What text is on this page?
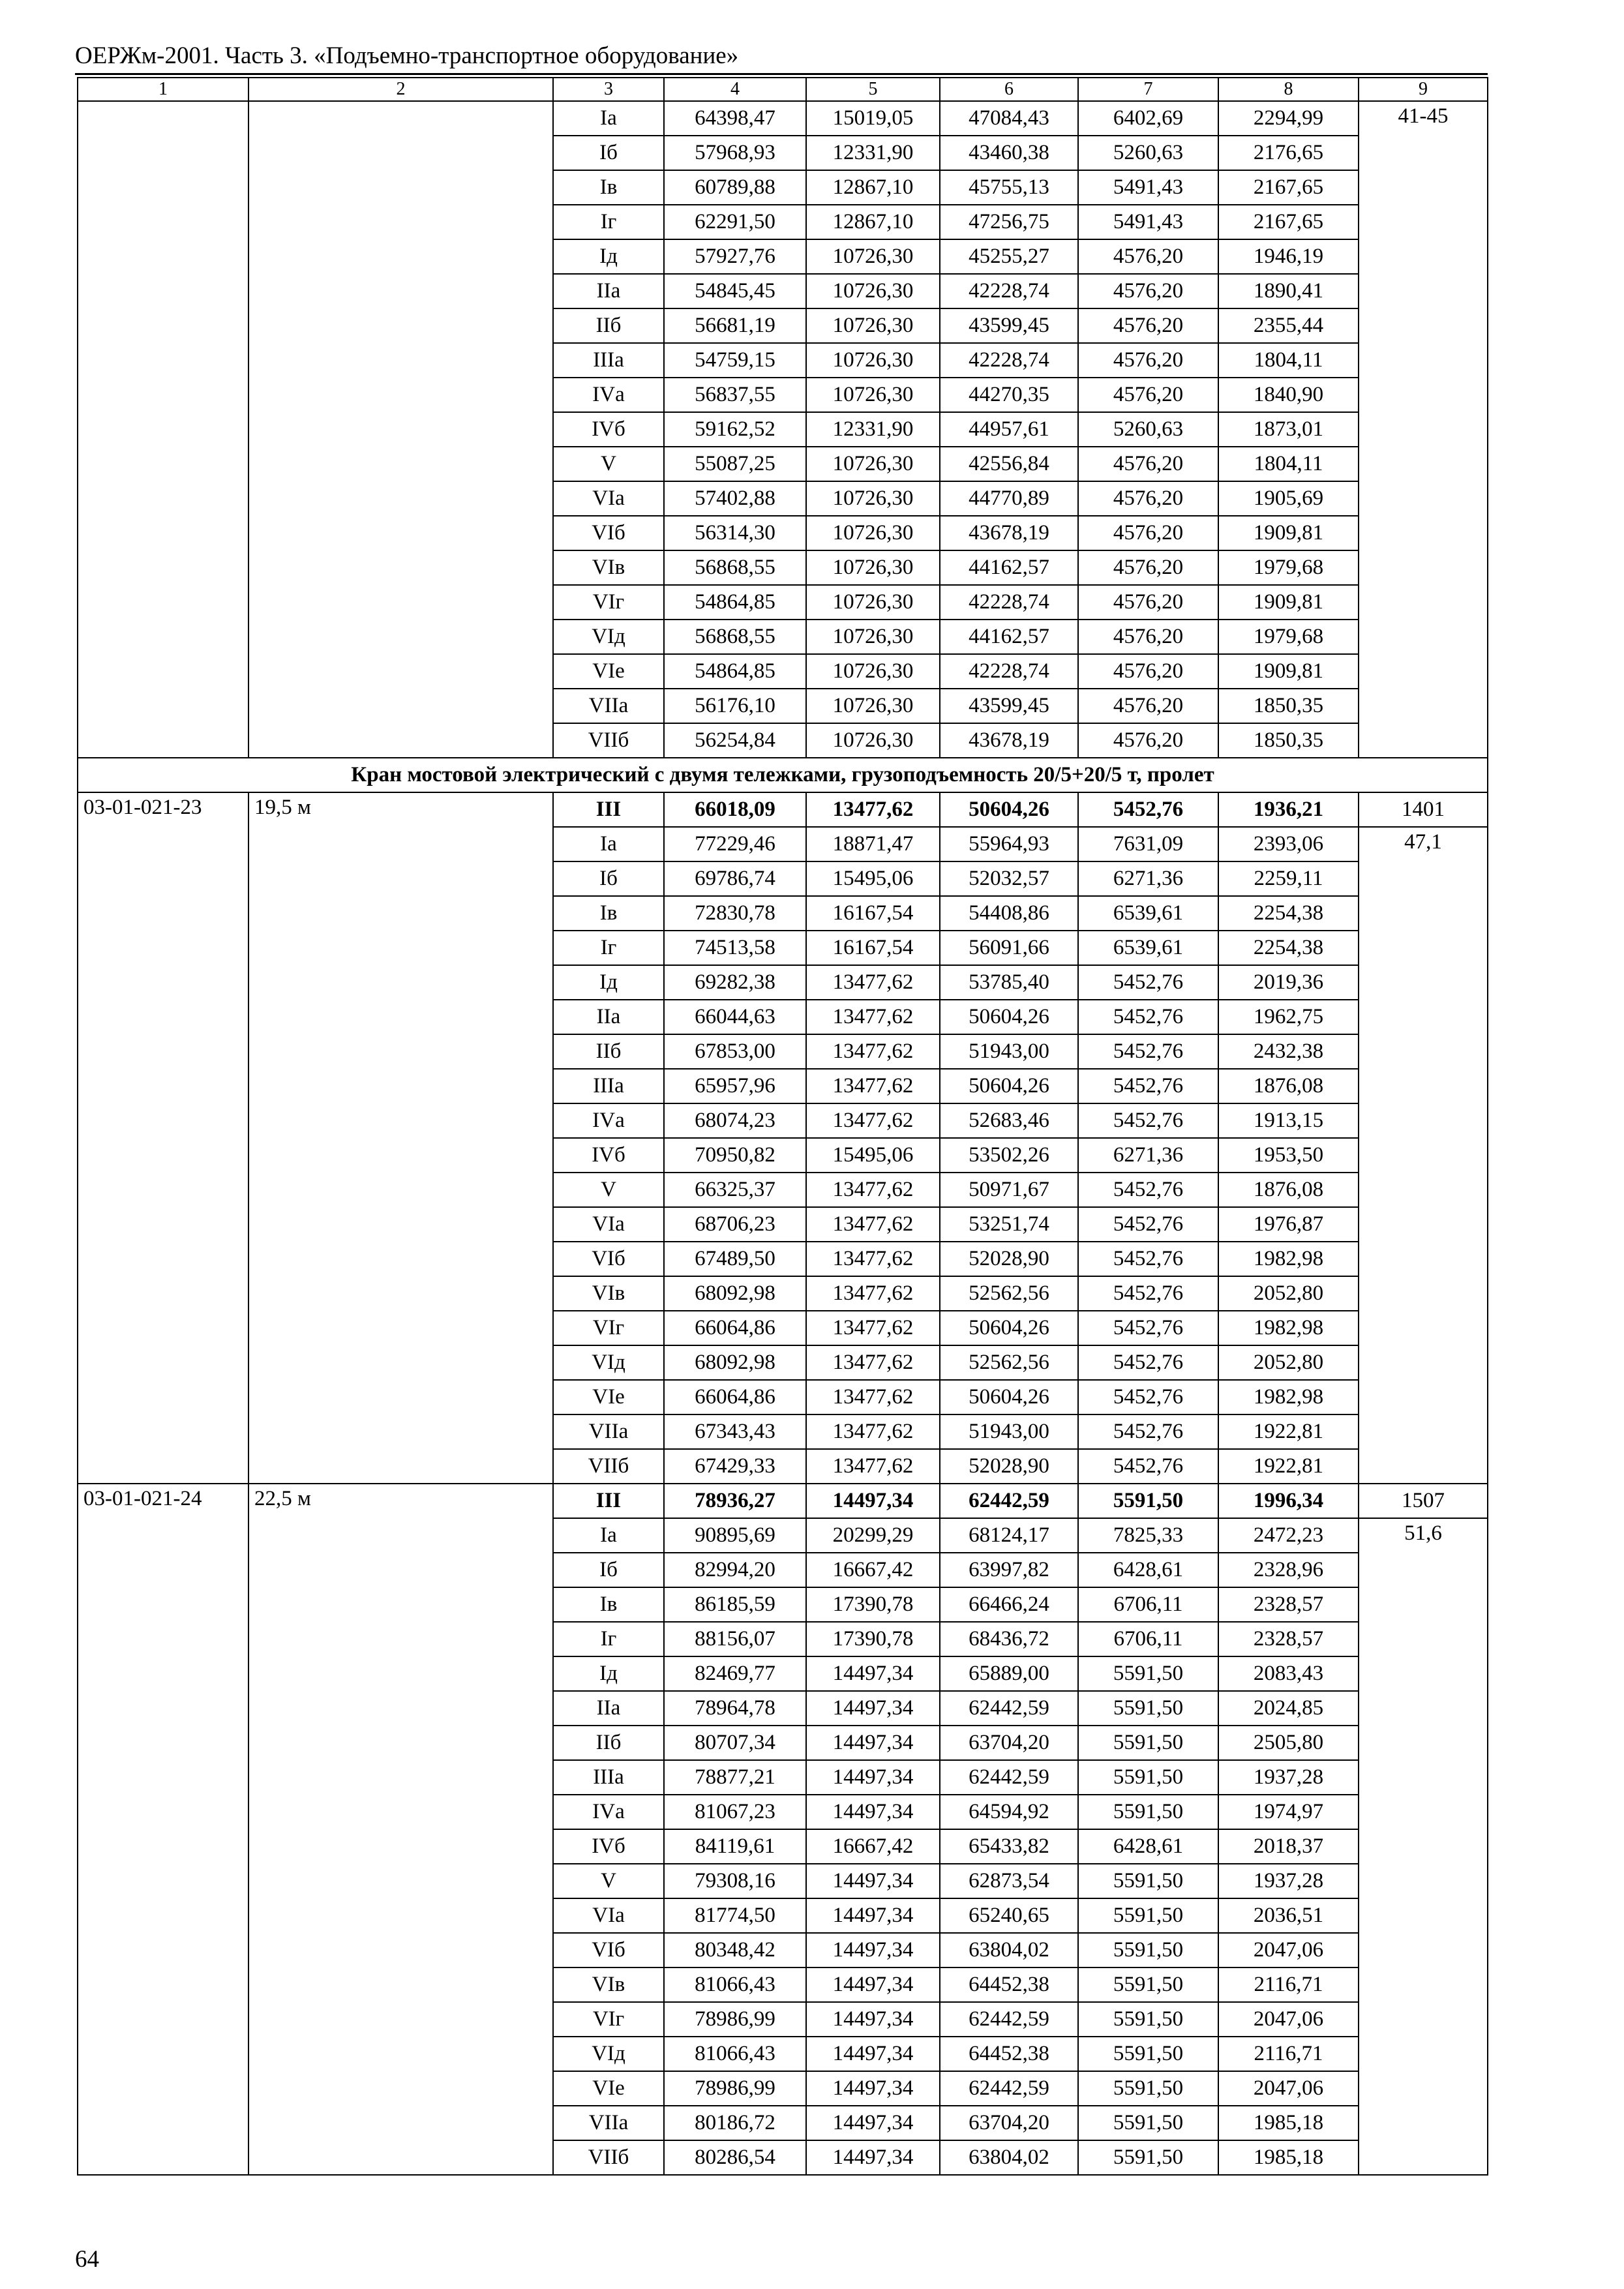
ОЕРЖм-2001. Часть 3. «Подъемно-транспортное оборудование»
1	2	3	4	5	6	7	8	9
		Iа	64398,47	15019,05	47084,43	6402,69	2294,99	41-45
		Iб	57968,93	12331,90	43460,38	5260,63	2176,65	
		Iв	60789,88	12867,10	45755,13	5491,43	2167,65	
		Iг	62291,50	12867,10	47256,75	5491,43	2167,65	
		Iд	57927,76	10726,30	45255,27	4576,20	1946,19	
		IIа	54845,45	10726,30	42228,74	4576,20	1890,41	
		IIб	56681,19	10726,30	43599,45	4576,20	2355,44	
		IIIа	54759,15	10726,30	42228,74	4576,20	1804,11	
		IVа	56837,55	10726,30	44270,35	4576,20	1840,90	
		IVб	59162,52	12331,90	44957,61	5260,63	1873,01	
		V	55087,25	10726,30	42556,84	4576,20	1804,11	
		VIа	57402,88	10726,30	44770,89	4576,20	1905,69	
		VIб	56314,30	10726,30	43678,19	4576,20	1909,81	
		VIв	56868,55	10726,30	44162,57	4576,20	1979,68	
		VIг	54864,85	10726,30	42228,74	4576,20	1909,81	
		VIд	56868,55	10726,30	44162,57	4576,20	1979,68	
		VIе	54864,85	10726,30	42228,74	4576,20	1909,81	
		VIIа	56176,10	10726,30	43599,45	4576,20	1850,35	
		VIIб	56254,84	10726,30	43678,19	4576,20	1850,35	
Кран мостовой электрический с двумя тележками, грузоподъемность 20/5+20/5 т, пролет								
03-01-021-23	19,5 м	III	66018,09	13477,62	50604,26	5452,76	1936,21	1401
		Iа	77229,46	18871,47	55964,93	7631,09	2393,06	47,1
		Iб	69786,74	15495,06	52032,57	6271,36	2259,11	
		Iв	72830,78	16167,54	54408,86	6539,61	2254,38	
		Iг	74513,58	16167,54	56091,66	6539,61	2254,38	
		Iд	69282,38	13477,62	53785,40	5452,76	2019,36	
		IIа	66044,63	13477,62	50604,26	5452,76	1962,75	
		IIб	67853,00	13477,62	51943,00	5452,76	2432,38	
		IIIа	65957,96	13477,62	50604,26	5452,76	1876,08	
		IVа	68074,23	13477,62	52683,46	5452,76	1913,15	
		IVб	70950,82	15495,06	53502,26	6271,36	1953,50	
		V	66325,37	13477,62	50971,67	5452,76	1876,08	
		VIа	68706,23	13477,62	53251,74	5452,76	1976,87	
		VIб	67489,50	13477,62	52028,90	5452,76	1982,98	
		VIв	68092,98	13477,62	52562,56	5452,76	2052,80	
		VIг	66064,86	13477,62	50604,26	5452,76	1982,98	
		VIд	68092,98	13477,62	52562,56	5452,76	2052,80	
		VIе	66064,86	13477,62	50604,26	5452,76	1982,98	
		VIIа	67343,43	13477,62	51943,00	5452,76	1922,81	
		VIIб	67429,33	13477,62	52028,90	5452,76	1922,81	
03-01-021-24	22,5 м	III	78936,27	14497,34	62442,59	5591,50	1996,34	1507
		Iа	90895,69	20299,29	68124,17	7825,33	2472,23	51,6
		Iб	82994,20	16667,42	63997,82	6428,61	2328,96	
		Iв	86185,59	17390,78	66466,24	6706,11	2328,57	
		Iг	88156,07	17390,78	68436,72	6706,11	2328,57	
		Iд	82469,77	14497,34	65889,00	5591,50	2083,43	
		IIа	78964,78	14497,34	62442,59	5591,50	2024,85	
		IIб	80707,34	14497,34	63704,20	5591,50	2505,80	
		IIIа	78877,21	14497,34	62442,59	5591,50	1937,28	
		IVа	81067,23	14497,34	64594,92	5591,50	1974,97	
		IVб	84119,61	16667,42	65433,82	6428,61	2018,37	
		V	79308,16	14497,34	62873,54	5591,50	1937,28	
		VIа	81774,50	14497,34	65240,65	5591,50	2036,51	
		VIб	80348,42	14497,34	63804,02	5591,50	2047,06	
		VIв	81066,43	14497,34	64452,38	5591,50	2116,71	
		VIг	78986,99	14497,34	62442,59	5591,50	2047,06	
		VIд	81066,43	14497,34	64452,38	5591,50	2116,71	
		VIе	78986,99	14497,34	62442,59	5591,50	2047,06	
		VIIа	80186,72	14497,34	63704,20	5591,50	1985,18	
		VIIб	80286,54	14497,34	63804,02	5591,50	1985,18	
64
